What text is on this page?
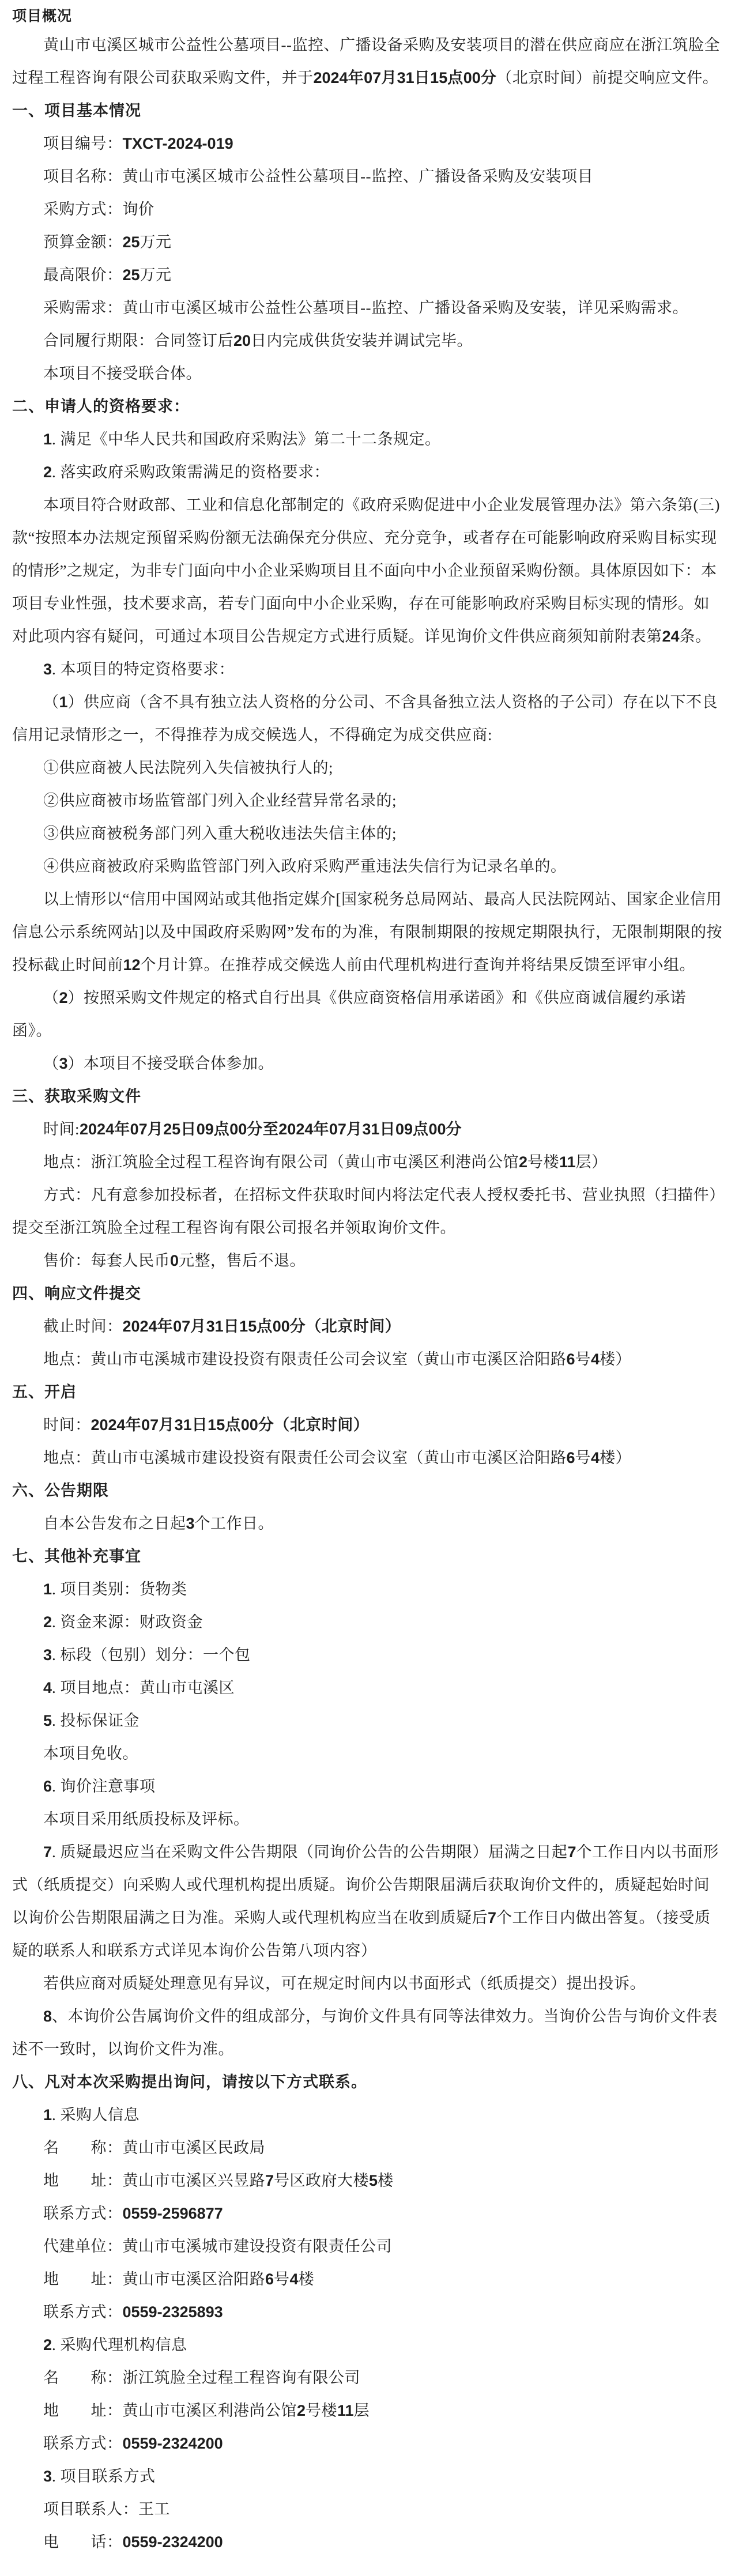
项目概况
黄山市屯溪区城市公益性公墓项目--监控、广播设备采购及安装项目的潜在供应商应在浙江筑脸全过程工程咨询有限公司获取采购文件，并于2024年07月31日15点00分（北京时间）前提交响应文件。
一、项目基本情况
项目编号：TXCT-2024-019
项目名称：黄山市屯溪区城市公益性公墓项目--监控、广播设备采购及安装项目
采购方式：询价
预算金额：25万元
最高限价：25万元
采购需求：黄山市屯溪区城市公益性公墓项目--监控、广播设备采购及安装，详见采购需求。
合同履行期限：合同签订后20日内完成供货安装并调试完毕。
本项目不接受联合体。
二、申请人的资格要求：
1. 满足《中华人民共和国政府采购法》第二十二条规定。
2. 落实政府采购政策需满足的资格要求：
本项目符合财政部、工业和信息化部制定的《政府采购促进中小企业发展管理办法》第六条第(三)款“按照本办法规定预留采购份额无法确保充分供应、充分竞争，或者存在可能影响政府采购目标实现的情形”之规定，为非专门面向中小企业采购项目且不面向中小企业预留采购份额。具体原因如下：本项目专业性强，技术要求高，若专门面向中小企业采购，存在可能影响政府采购目标实现的情形。如对此项内容有疑问，可通过本项目公告规定方式进行质疑。详见询价文件供应商须知前附表第24条。
3. 本项目的特定资格要求：
（1）供应商（含不具有独立法人资格的分公司、不含具备独立法人资格的子公司）存在以下不良信用记录情形之一，不得推荐为成交候选人，不得确定为成交供应商:
①供应商被人民法院列入失信被执行人的;
②供应商被市场监管部门列入企业经营异常名录的;
③供应商被税务部门列入重大税收违法失信主体的;
④供应商被政府采购监管部门列入政府采购严重违法失信行为记录名单的。
以上情形以“信用中国网站或其他指定媒介[国家税务总局网站、最高人民法院网站、国家企业信用信息公示系统网站]以及中国政府采购网”发布的为准，有限制期限的按规定期限执行，无限制期限的按投标截止时间前12个月计算。在推荐成交候选人前由代理机构进行查询并将结果反馈至评审小组。
（2）按照采购文件规定的格式自行出具《供应商资格信用承诺函》和《供应商诚信履约承诺函》。
（3）本项目不接受联合体参加。
三、获取采购文件
时间:2024年07月25日09点00分至2024年07月31日09点00分
地点：浙江筑脸全过程工程咨询有限公司（黄山市屯溪区利港尚公馆2号楼11层）
方式：凡有意参加投标者，在招标文件获取时间内将法定代表人授权委托书、营业执照（扫描件）提交至浙江筑脸全过程工程咨询有限公司报名并领取询价文件。
售价：每套人民币0元整，售后不退。
四、响应文件提交
截止时间：2024年07月31日15点00分（北京时间）
地点：黄山市屯溪城市建设投资有限责任公司会议室（黄山市屯溪区洽阳路6号4楼）
五、开启
时间：2024年07月31日15点00分（北京时间）
地点：黄山市屯溪城市建设投资有限责任公司会议室（黄山市屯溪区洽阳路6号4楼）
六、公告期限
自本公告发布之日起3个工作日。
七、其他补充事宜
1. 项目类别：货物类
2. 资金来源：财政资金
3. 标段（包别）划分：一个包
4. 项目地点：黄山市屯溪区
5. 投标保证金
本项目免收。
6. 询价注意事项
本项目采用纸质投标及评标。
7. 质疑最迟应当在采购文件公告期限（同询价公告的公告期限）届满之日起7个工作日内以书面形式（纸质提交）向采购人或代理机构提出质疑。询价公告期限届满后获取询价文件的，质疑起始时间以询价公告期限届满之日为准。采购人或代理机构应当在收到质疑后7个工作日内做出答复。（接受质疑的联系人和联系方式详见本询价公告第八项内容）
若供应商对质疑处理意见有异议，可在规定时间内以书面形式（纸质提交）提出投诉。
8、本询价公告属询价文件的组成部分，与询价文件具有同等法律效力。当询价公告与询价文件表述不一致时，以询价文件为准。
八、凡对本次采购提出询问，请按以下方式联系。
1. 采购人信息
名　　称：黄山市屯溪区民政局
地　　址：黄山市屯溪区兴昱路7号区政府大楼5楼
联系方式：0559-2596877
代建单位：黄山市屯溪城市建设投资有限责任公司
地　　址：黄山市屯溪区洽阳路6号4楼
联系方式：0559-2325893
2. 采购代理机构信息
名　　称：浙江筑脸全过程工程咨询有限公司
地　　址：黄山市屯溪区利港尚公馆2号楼11层
联系方式：0559-2324200
3. 项目联系方式
项目联系人：王工
电　　话：0559-2324200
